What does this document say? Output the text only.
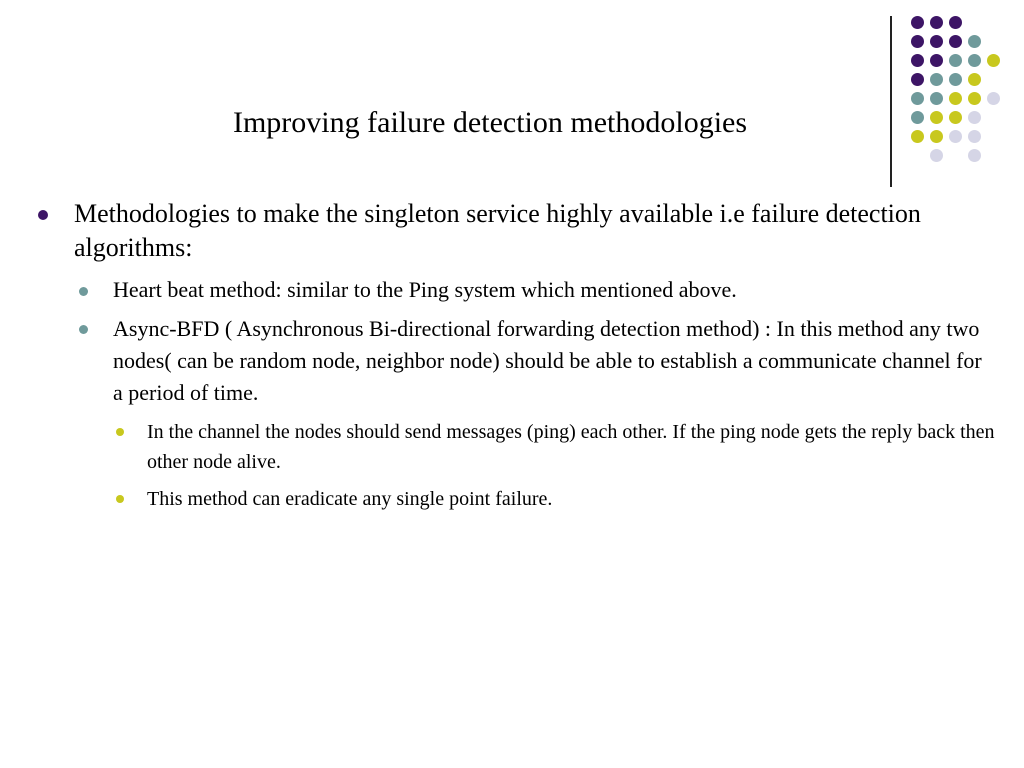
Improving failure detection methodologies

Methodologies to make the singleton service highly available i.e failure detection algorithms:

Heart beat method: similar to the Ping system which mentioned above.

Async-BFD ( Asynchronous Bi-directional forwarding detection method) : In this method any two nodes( can be random node, neighbor node) should be able to establish a communicate channel for a period of time.

In the channel the nodes should send messages (ping) each other. If the ping node gets the reply back then other node alive.

This method can eradicate any single point failure.
